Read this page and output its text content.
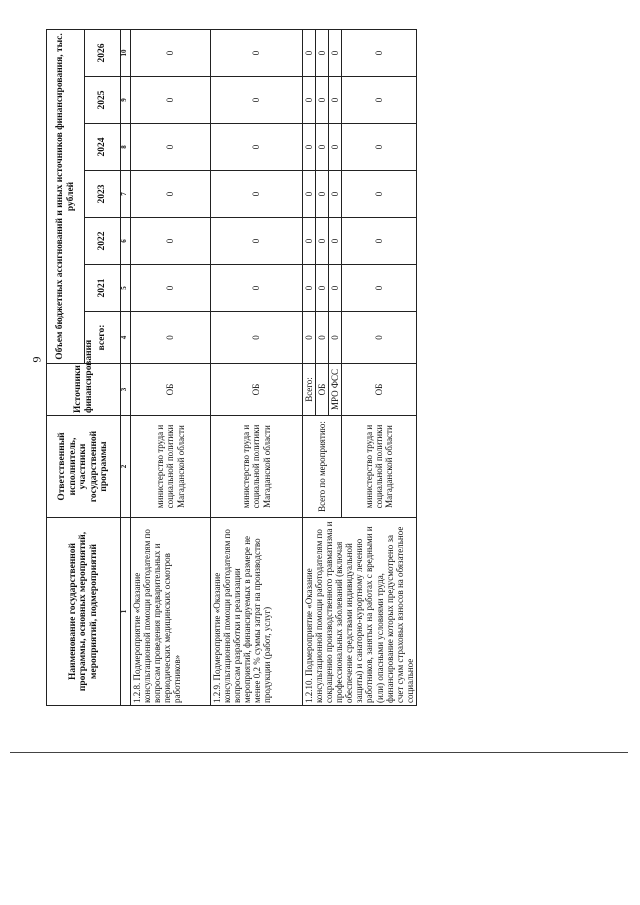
9
Наименование государственной программы, основных мероприятий, мероприятий, подмероприятий	Ответственный исполнитель, участники государственной программы	Источники финансирования	Объем бюджетных ассигнований и иных источников финансирования, тыс. рублей						
			всего:	2021	2022	2023	2024	2025	2026
1	2	3	4	5	6	7	8	9	10
1.2.8. Подмероприятие «Оказание консультационной помощи работодателям по вопросам проведения предварительных и периодических медицинских осмотров работников»	министерство труда и социальной политики Магаданской области	ОБ	0	0	0	0	0	0	0
1.2.9. Подмероприятие «Оказание консультационной помощи работодателям по вопросам разработки и реализации мероприятий, финансируемых в размере не менее 0,2 % суммы затрат на производство продукции (работ, услуг)	министерство труда и социальной политики Магаданской области	ОБ	0	0	0	0	0	0	0
1.2.10. Подмероприятие «Оказание консультационной помощи работодателям по сокращению производственного травматизма и профессиональных заболеваний (включая обеспечение средствами индивидуальной защиты) и санаторно-курортному лечению работников, занятых на работах с вредными и (или) опасными условиями труда, финансирование которых предусмотрено за счет сумм страховых взносов на обязательное социальное	Всего по мероприятию:	Всего:	0	0	0	0	0	0	0
		ОБ	0	0	0	0	0	0	0
		МРО ФСС	0	0	0	0	0	0	0
	министерство труда и социальной политики Магаданской области	ОБ	0	0	0	0	0	0	0
